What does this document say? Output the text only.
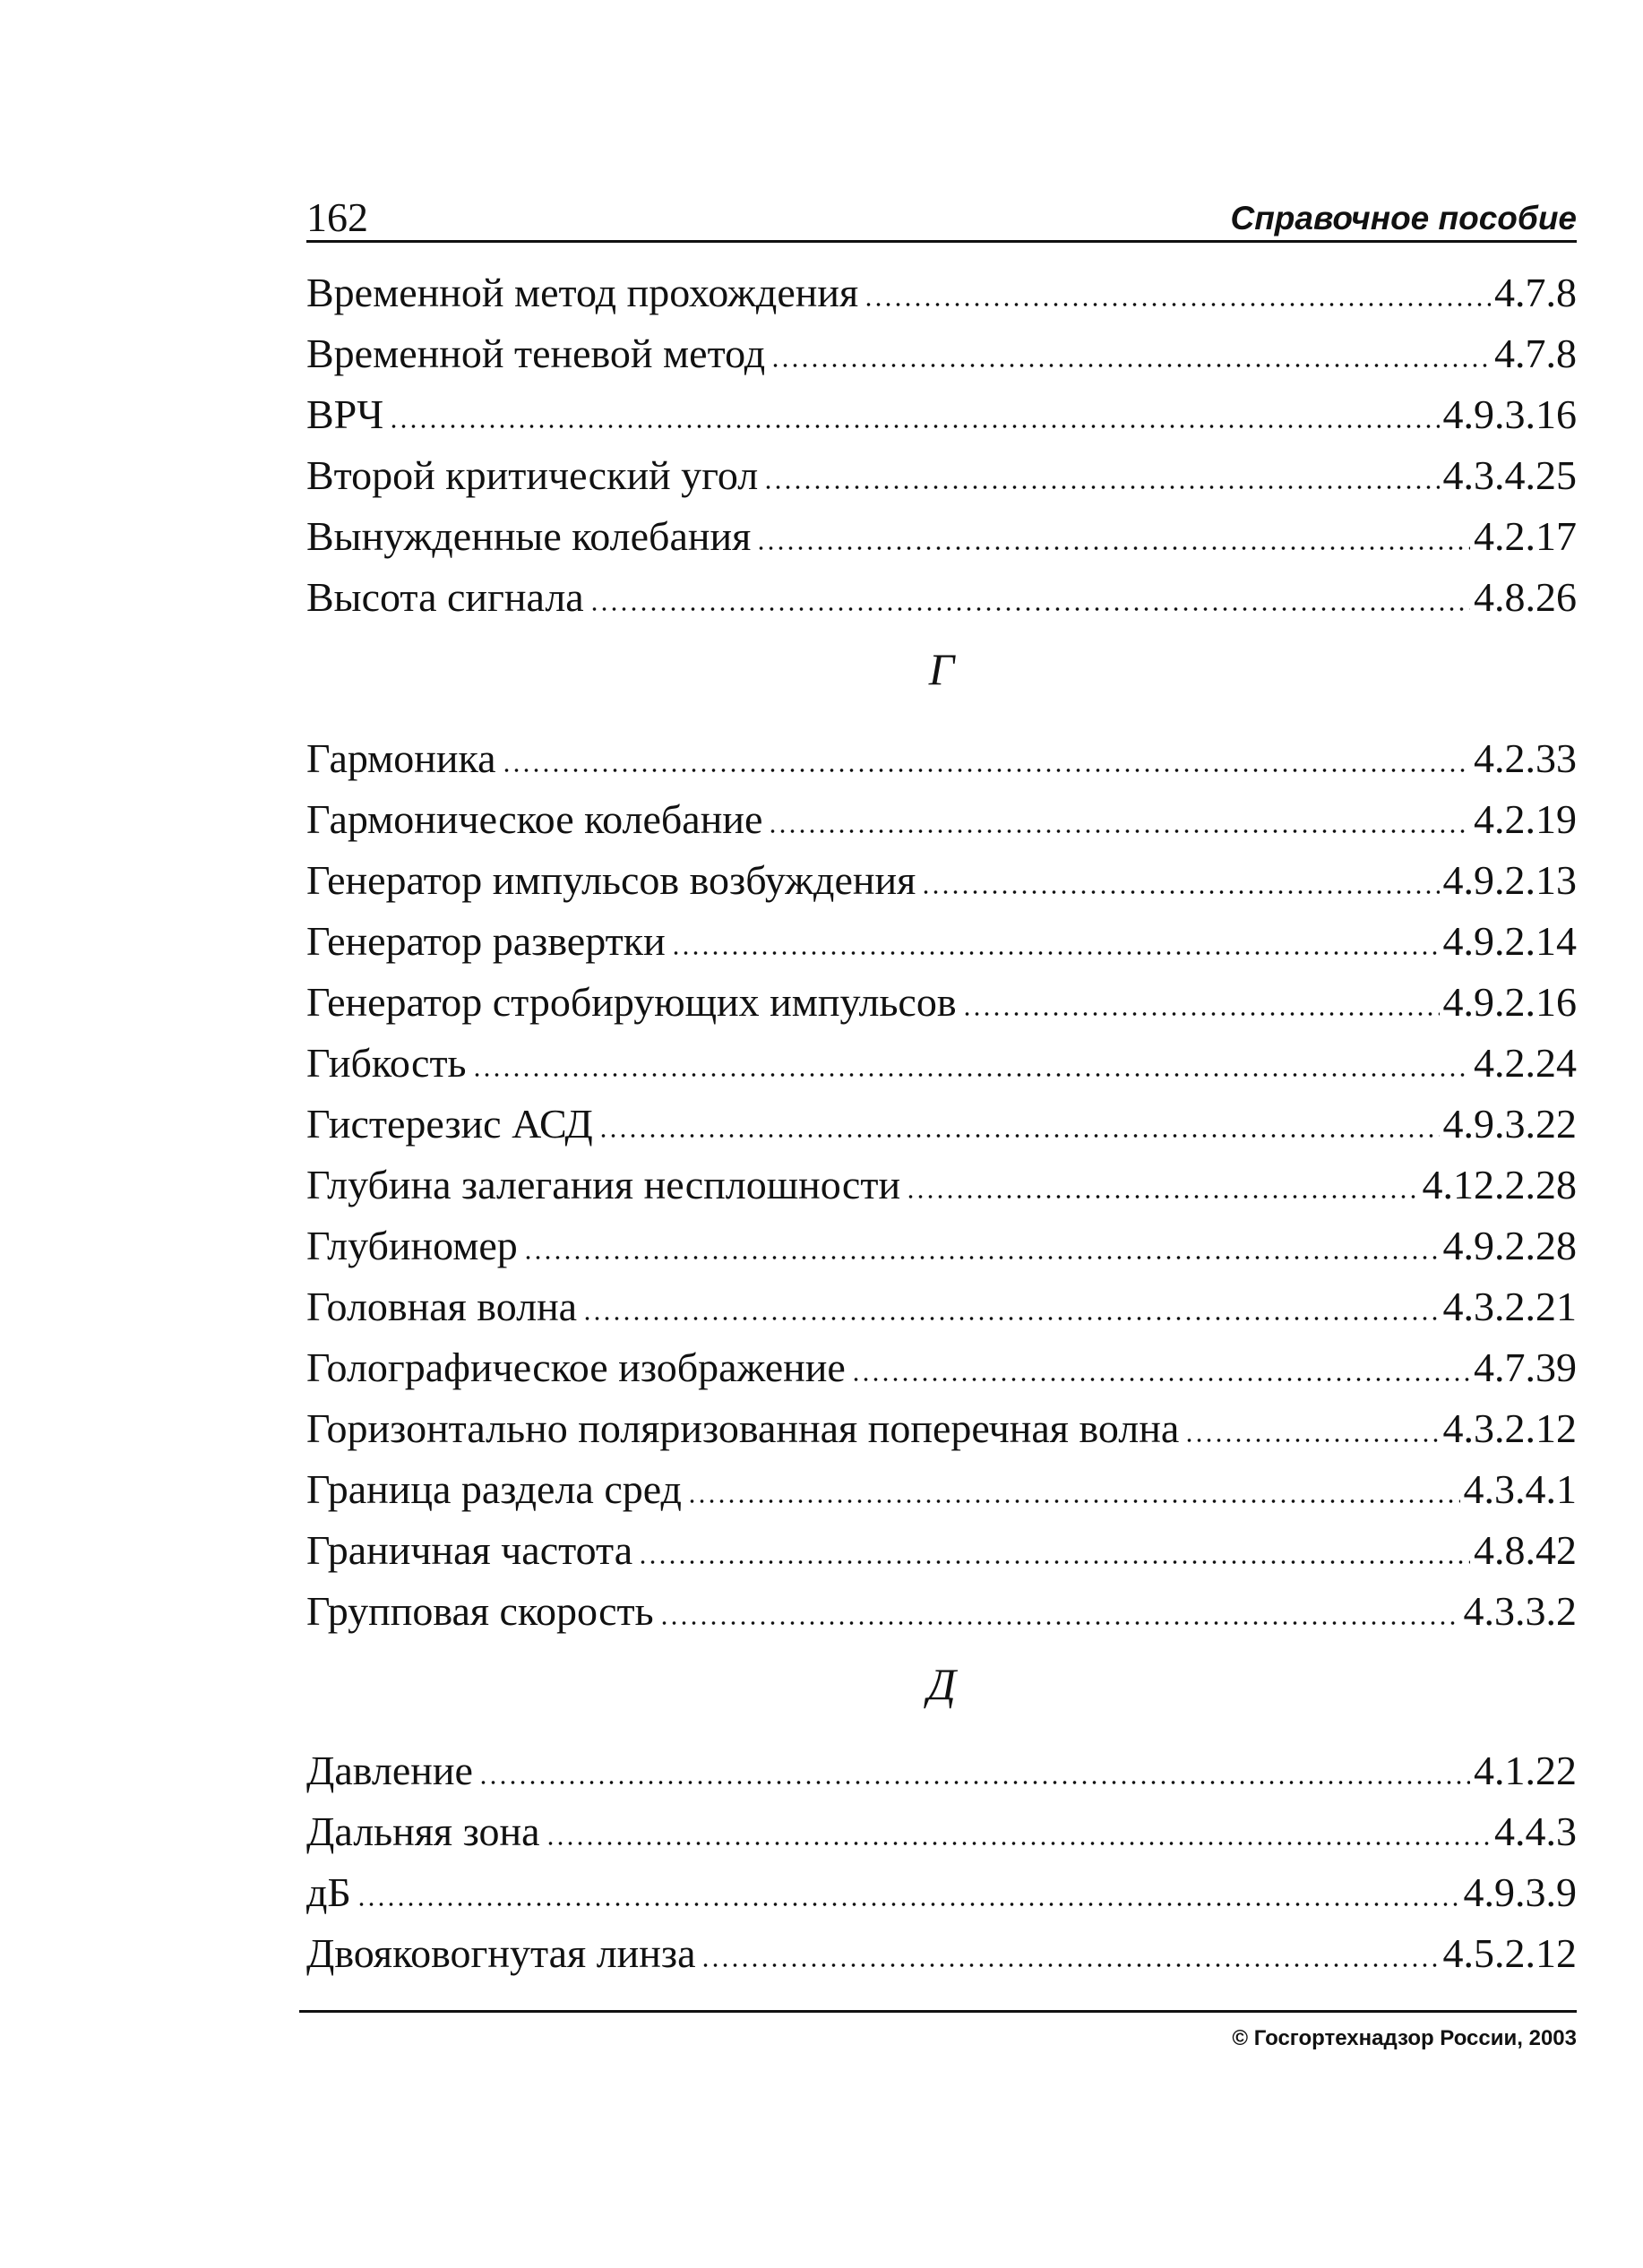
162	Справочное пособие
Временной метод прохождения	4.7.8
Временной теневой метод	4.7.8
ВРЧ	4.9.3.16
Второй критический угол	4.3.4.25
Вынужденные колебания	4.2.17
Высота сигнала	4.8.26
Г
Гармоника	4.2.33
Гармоническое колебание	4.2.19
Генератор импульсов возбуждения	4.9.2.13
Генератор развертки	4.9.2.14
Генератор стробирующих импульсов	4.9.2.16
Гибкость	4.2.24
Гистерезис АСД	4.9.3.22
Глубина залегания несплошности	4.12.2.28
Глубиномер	4.9.2.28
Головная волна	4.3.2.21
Голографическое изображение	4.7.39
Горизонтально поляризованная поперечная волна	4.3.2.12
Граница раздела сред	4.3.4.1
Граничная частота	4.8.42
Групповая скорость	4.3.3.2
Д
Давление	4.1.22
Дальняя зона	4.4.3
дБ	4.9.3.9
Двояковогнутая линза	4.5.2.12
© Госгортехнадзор России, 2003
